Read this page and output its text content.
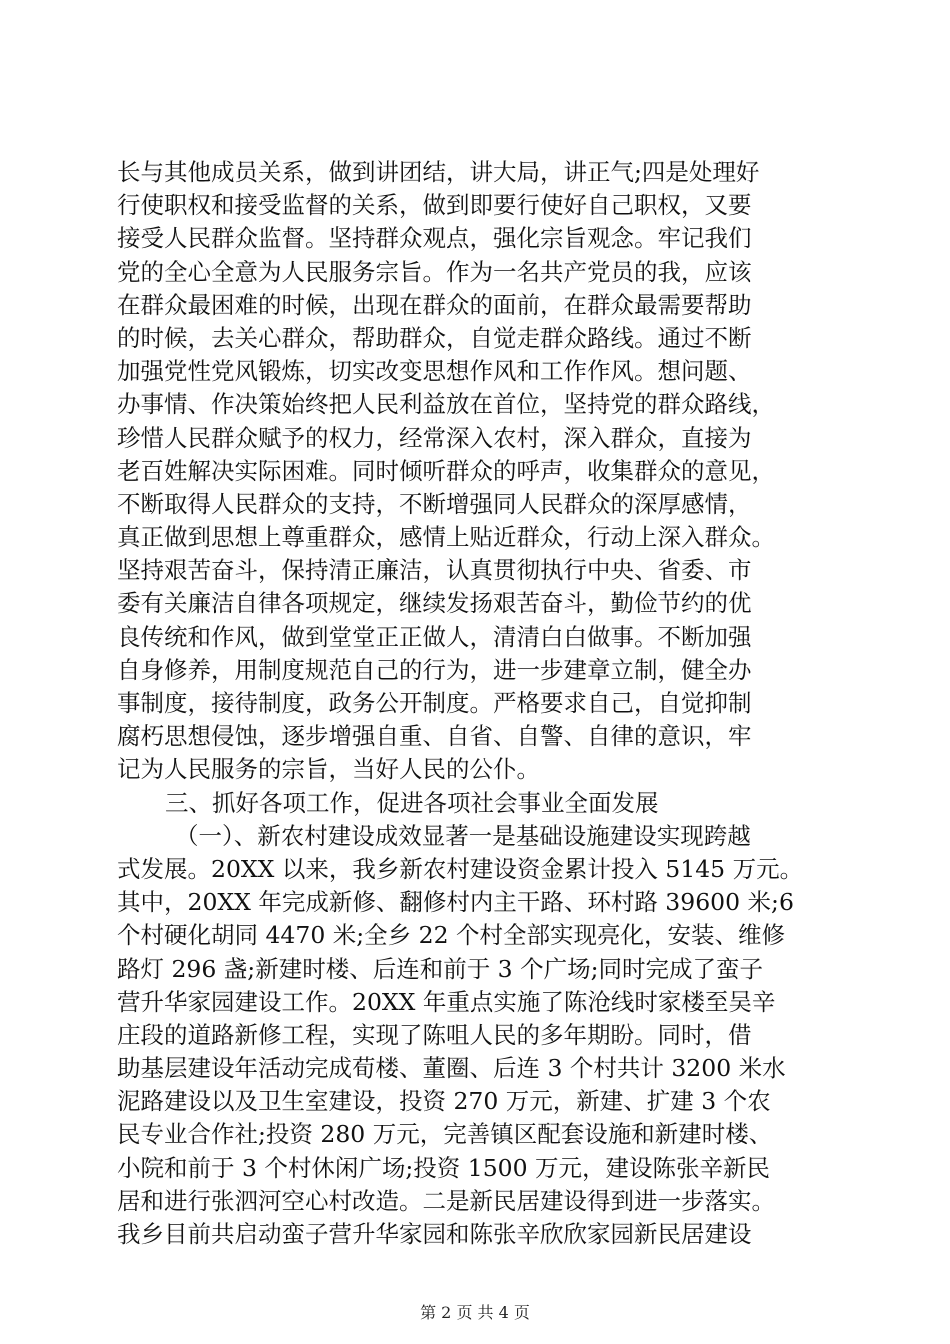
长与其他成员关系，做到讲团结，讲大局，讲正气;四是处理好
行使职权和接受监督的关系，做到即要行使好自己职权，又要
接受人民群众监督。坚持群众观点，强化宗旨观念。牢记我们
党的全心全意为人民服务宗旨。作为一名共产党员的我，应该
在群众最困难的时候，出现在群众的面前，在群众最需要帮助
的时候，去关心群众，帮助群众，自觉走群众路线。通过不断
加强党性党风锻炼，切实改变思想作风和工作作风。想问题、
办事情、作决策始终把人民利益放在首位，坚持党的群众路线，
珍惜人民群众赋予的权力，经常深入农村，深入群众，直接为
老百姓解决实际困难。同时倾听群众的呼声，收集群众的意见，
不断取得人民群众的支持，不断增强同人民群众的深厚感情，
真正做到思想上尊重群众，感情上贴近群众，行动上深入群众。
坚持艰苦奋斗，保持清正廉洁，认真贯彻执行中央、省委、市
委有关廉洁自律各项规定，继续发扬艰苦奋斗，勤俭节约的优
良传统和作风，做到堂堂正正做人，清清白白做事。不断加强
自身修养，用制度规范自己的行为，进一步建章立制，健全办
事制度，接待制度，政务公开制度。严格要求自己，自觉抑制
腐朽思想侵蚀，逐步增强自重、自省、自警、自律的意识，牢
记为人民服务的宗旨，当好人民的公仆。
三、抓好各项工作，促进各项社会事业全面发展
（一）、新农村建设成效显著一是基础设施建设实现跨越
式发展。20XX 以来，我乡新农村建设资金累计投入 5145 万元。
其中，20XX 年完成新修、翻修村内主干路、环村路 39600 米;6
个村硬化胡同 4470 米;全乡 22 个村全部实现亮化，安装、维修
路灯 296 盏;新建时楼、后连和前于 3 个广场;同时完成了蛮子
营升华家园建设工作。20XX 年重点实施了陈沧线时家楼至吴辛
庄段的道路新修工程，实现了陈咀人民的多年期盼。同时，借
助基层建设年活动完成荀楼、董圈、后连 3 个村共计 3200 米水
泥路建设以及卫生室建设，投资 270 万元，新建、扩建 3 个农
民专业合作社;投资 280 万元，完善镇区配套设施和新建时楼、
小院和前于 3 个村休闲广场;投资 1500 万元，建设陈张辛新民
居和进行张泗河空心村改造。二是新民居建设得到进一步落实。
我乡目前共启动蛮子营升华家园和陈张辛欣欣家园新民居建设
第 2 页 共 4 页
